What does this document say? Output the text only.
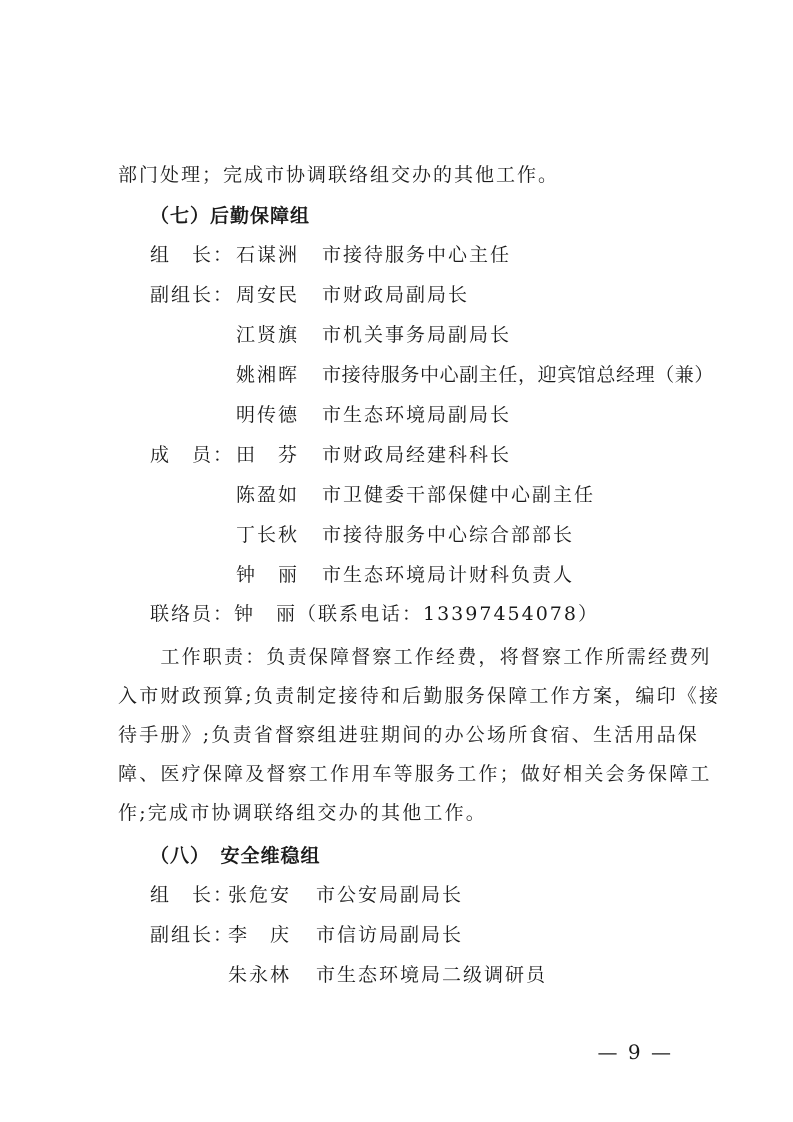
部门处理；完成市协调联络组交办的其他工作。
（七）后勤保障组
组　长： 石谋洲 市接待服务中心主任
副组长： 周安民 市财政局副局长
江贤旗 市机关事务局副局长
姚湘晖 市接待服务中心副主任，迎宾馆总经理（兼）
明传德 市生态环境局副局长
成　员： 田　芬 市财政局经建科科长
陈盈如 市卫健委干部保健中心副主任
丁长秋 市接待服务中心综合部部长
钟　丽 市生态环境局计财科负责人
联络员：钟　丽（联系电话：13397454078）
　　工作职责：负责保障督察工作经费，将督察工作所需经费列
入市财政预算;负责制定接待和后勤服务保障工作方案，编印《接
待手册》;负责省督察组进驻期间的办公场所食宿、生活用品保
障、医疗保障及督察工作用车等服务工作；做好相关会务保障工
作;完成市协调联络组交办的其他工作。
（八）　安全维稳组
组　长：
张危安 市公安局副局长
副组长：
李　庆 市信访局副局长
朱永林 市生态环境局二级调研员
— 9 —
